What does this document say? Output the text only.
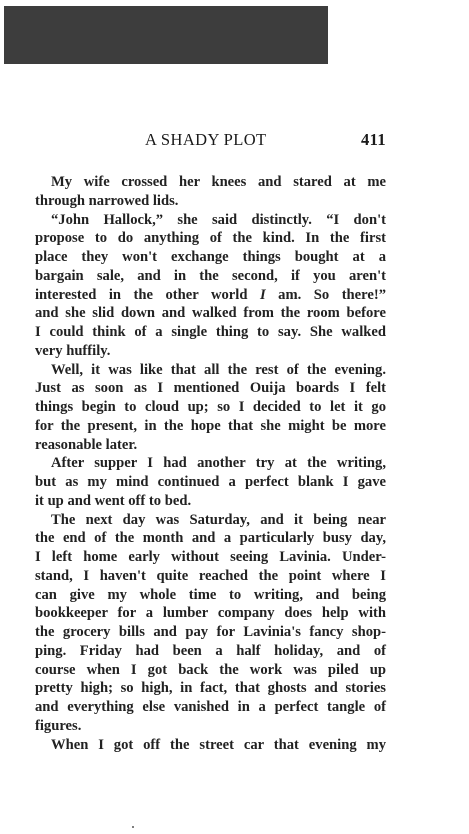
A SHADY PLOT	411
My wife crossed her knees and stared at me
through narrowed lids.
“John Hallock,” she said distinctly. “I don't
propose to do anything of the kind. In the first
place they won't exchange things bought at a
bargain sale, and in the second, if you aren't
interested in the other world I am. So there!”
and she slid down and walked from the room before
I could think of a single thing to say. She walked
very huffily.
Well, it was like that all the rest of the evening.
Just as soon as I mentioned Ouija boards I felt
things begin to cloud up; so I decided to let it go
for the present, in the hope that she might be more
reasonable later.
After supper I had another try at the writing,
but as my mind continued a perfect blank I gave
it up and went off to bed.
The next day was Saturday, and it being near
the end of the month and a particularly busy day,
I left home early without seeing Lavinia. Under-
stand, I haven't quite reached the point where I
can give my whole time to writing, and being
bookkeeper for a lumber company does help with
the grocery bills and pay for Lavinia's fancy shop-
ping. Friday had been a half holiday, and of
course when I got back the work was piled up
pretty high; so high, in fact, that ghosts and stories
and everything else vanished in a perfect tangle of
figures.
When I got off the street car that evening my
